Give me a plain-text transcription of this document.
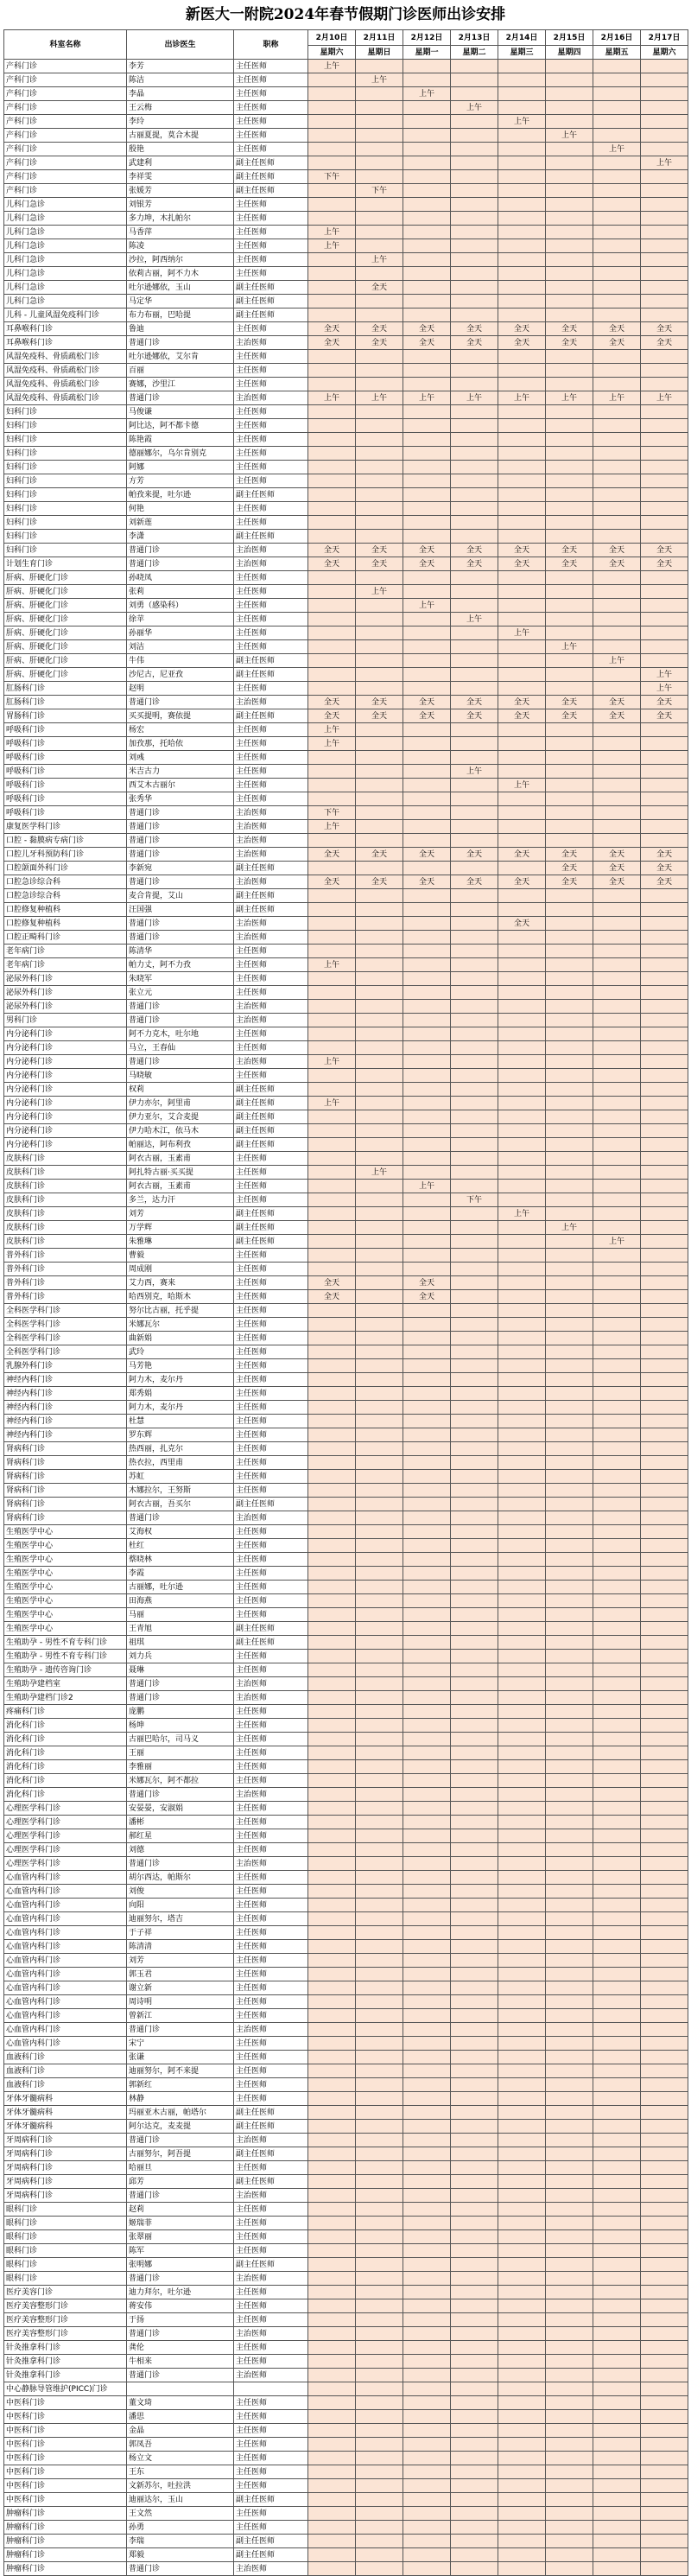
新医大一附院2024年春节假期门诊医师出诊安排
科室名称	出诊医生	职称	2月10日	2月11日	2月12日	2月13日	2月14日	2月15日	2月16日	2月17日
			星期六	星期日	星期一	星期二	星期三	星期四	星期五	星期六
产科门诊	李芳	主任医师	上午							
产科门诊	陈洁	主任医师		上午						
产科门诊	李晶	主任医师			上午					
产科门诊	王云梅	主任医师				上午				
产科门诊	李玲	主任医师					上午			
产科门诊	古丽夏提，莫合木提	主任医师						上午		
产科门诊	殷艳	主任医师							上午	
产科门诊	武建利	副主任医师								上午
产科门诊	李祥雯	副主任医师	下午							
产科门诊	张媛芳	副主任医师		下午						
儿科门急诊	刘银芳	主任医师								
儿科门急诊	多力坤，木扎帕尔	主任医师								
儿科门急诊	马香萍	主任医师	上午							
儿科门急诊	陈凌	主任医师	上午							
儿科门急诊	沙拉，阿西纳尔	主任医师		上午						
儿科门急诊	依莉古丽，阿不力木	主任医师								
儿科门急诊	吐尔逊娜依，玉山	副主任医师		全天						
儿科门急诊	马定华	副主任医师								
儿科 - 儿童风湿免疫科门诊	布力布丽，巴哈提	副主任医师								
耳鼻喉科门诊	鲁迪	主任医师	全天	全天	全天	全天	全天	全天	全天	全天
耳鼻喉科门诊	普通门诊	主治医师	全天	全天	全天	全天	全天	全天	全天	全天
风湿免疫科、骨质疏松门诊	吐尔逊娜依，艾尔肯	主任医师								
风湿免疫科、骨质疏松门诊	百丽	主任医师								
风湿免疫科、骨质疏松门诊	赛娜，沙里江	主任医师								
风湿免疫科、骨质疏松门诊	普通门诊	主治医师	上午	上午	上午	上午	上午	上午	上午	上午
妇科门诊	马俊谦	主任医师								
妇科门诊	阿比达，阿不都卡德	主任医师								
妇科门诊	陈艳霞	主任医师								
妇科门诊	德丽娜尔，乌尔肯别克	主任医师								
妇科门诊	阿娜	主任医师								
妇科门诊	方芳	主任医师								
妇科门诊	帕孜来提，吐尔逊	副主任医师								
妇科门诊	何艳	主任医师								
妇科门诊	刘新莲	主任医师								
妇科门诊	李潇	副主任医师								
妇科门诊	普通门诊	主治医师	全天	全天	全天	全天	全天	全天	全天	全天
计划生育门诊	普通门诊	主治医师	全天	全天	全天	全天	全天	全天	全天	全天
肝病、肝硬化门诊	孙晓凤	主任医师								
肝病、肝硬化门诊	张莉	主任医师		上午						
肝病、肝硬化门诊	刘勇（感染科）	主任医师			上午					
肝病、肝硬化门诊	徐苹	主任医师				上午				
肝病、肝硬化门诊	孙丽华	主任医师					上午			
肝病、肝硬化门诊	刘洁	主任医师						上午		
肝病、肝硬化门诊	牛伟	副主任医师							上午	
肝病、肝硬化门诊	沙尼古，尼亚孜	副主任医师								上午
肛肠科门诊	赵明	主任医师								上午
肛肠科门诊	普通门诊	主治医师	全天	全天	全天	全天	全天	全天	全天	全天
胃肠科门诊	买买提明，赛依提	副主任医师	全天	全天	全天	全天	全天	全天	全天	全天
呼吸科门诊	杨宏	主任医师	上午							
呼吸科门诊	加孜那，托哈依	主任医师	上午							
呼吸科门诊	刘彧	主任医师								
呼吸科门诊	米吉古力	主任医师				上午				
呼吸科门诊	西艾木古丽尔	主任医师					上午			
呼吸科门诊	张秀华	主任医师								
呼吸科门诊	普通门诊	主治医师	下午							
康复医学科门诊	普通门诊	主治医师	上午							
口腔 - 黏膜病专病门诊	普通门诊	主治医师								
口腔儿牙科预防科门诊	普通门诊	主治医师	全天	全天	全天	全天	全天	全天	全天	全天
口腔颌面外科门诊	李新宛	副主任医师						全天	全天	全天
口腔急诊综合科	普通门诊	主治医师	全天	全天	全天	全天	全天	全天	全天	全天
口腔急诊综合科	麦合肯提，艾山	副主任医师								
口腔修复种植科	汪国强	副主任医师								
口腔修复种植科	普通门诊	主治医师					全天			
口腔正畸科门诊	普通门诊	主治医师								
老年病门诊	陈清华	主任医师								
老年病门诊	帕力丈，阿不力孜	主任医师	上午							
泌尿外科门诊	朱晓军	主任医师								
泌尿外科门诊	张立元	主任医师								
泌尿外科门诊	普通门诊	主治医师								
男科门诊	普通门诊	主治医师								
内分泌科门诊	阿不力克木，吐尔地	主任医师								
内分泌科门诊	马立，王春仙	主任医师								
内分泌科门诊	普通门诊	主治医师	上午							
内分泌科门诊	马晓敏	主任医师								
内分泌科门诊	权莉	副主任医师								
内分泌科门诊	伊力亦尔，阿里甫	副主任医师	上午							
内分泌科门诊	伊力亚尔，艾合麦提	副主任医师								
内分泌科门诊	伊力哈木江，依马木	副主任医师								
内分泌科门诊	帕丽达，阿布利孜	副主任医师								
皮肤科门诊	阿衣古丽，玉素甫	主任医师								
皮肤科门诊	阿扎特古丽·买买提	主任医师		上午						
皮肤科门诊	阿衣古丽，玉素甫	主任医师			上午					
皮肤科门诊	多兰，达力汗	主任医师				下午				
皮肤科门诊	刘芳	副主任医师					上午			
皮肤科门诊	万学辉	副主任医师						上午		
皮肤科门诊	朱雅琳	副主任医师							上午	
普外科门诊	曹毅	主任医师								
普外科门诊	周成刚	主任医师								
普外科门诊	艾力西，赛来	主任医师	全天		全天					
普外科门诊	哈西别克，哈斯木	主任医师	全天		全天					
全科医学科门诊	努尔比古丽，托乎提	主任医师								
全科医学科门诊	米娜瓦尔	主任医师								
全科医学科门诊	曲新娟	主任医师								
全科医学科门诊	武玲	主任医师								
乳腺外科门诊	马芳艳	主任医师								
神经内科门诊	阿力木，麦尔丹	主任医师								
神经内科门诊	郑秀娟	主任医师								
神经内科门诊	阿力木，麦尔丹	主任医师								
神经内科门诊	杜慧	主任医师								
神经内科门诊	罗东辉	主任医师								
肾病科门诊	热西丽，扎克尔	主任医师								
肾病科门诊	热衣拉，西里甫	主任医师								
肾病科门诊	苏虹	主任医师								
肾病科门诊	木娜拉尔，王努斯	主任医师								
肾病科门诊	阿衣古丽，吾买尔	副主任医师								
肾病科门诊	普通门诊	主治医师								
生殖医学中心	艾海权	主任医师								
生殖医学中心	杜红	主任医师								
生殖医学中心	蔡晓林	主任医师								
生殖医学中心	李霞	主任医师								
生殖医学中心	古丽娜，吐尔逊	主任医师								
生殖医学中心	田海燕	主任医师								
生殖医学中心	马丽	主任医师								
生殖医学中心	王青旭	副主任医师								
生殖助孕 - 男性不育专科门诊	祖琪	副主任医师								
生殖助孕 - 男性不育专科门诊	刘力兵	主任医师								
生殖助孕 - 遗传咨询门诊	聂琳	主任医师								
生殖助孕建档室	普通门诊	主治医师								
生殖助孕建档门诊2	普通门诊	主治医师								
疼痛科门诊	庞鹏	主任医师								
消化科门诊	杨坤	主任医师								
消化科门诊	古丽巴哈尔，司马义	主任医师								
消化科门诊	王丽	主任医师								
消化科门诊	李雅丽	主任医师								
消化科门诊	米娜瓦尔，阿不都拉	主任医师								
消化科门诊	普通门诊	主治医师								
心理医学科门诊	安晏晏，安淑娟	主任医师								
心理医学科门诊	潘彬	主任医师								
心理医学科门诊	郝红星	主任医师								
心理医学科门诊	刘德	主任医师								
心理医学科门诊	普通门诊	主治医师								
心血管内科门诊	胡尔西达，帕斯尔	主任医师								
心血管内科门诊	刘俊	主任医师								
心血管内科门诊	向阳	主任医师								
心血管内科门诊	迪丽努尔，塔吉	主任医师								
心血管内科门诊	于子祥	主任医师								
心血管内科门诊	陈清清	主任医师								
心血管内科门诊	刘芳	主任医师								
心血管内科门诊	郭玉君	主任医师								
心血管内科门诊	谢立新	主任医师								
心血管内科门诊	周诗明	主任医师								
心血管内科门诊	曾新江	主任医师								
心血管内科门诊	普通门诊	主治医师								
心血管内科门诊	宋宁	主任医师								
血液科门诊	张谦	主任医师								
血液科门诊	迪丽努尔，阿不来提	主任医师								
血液科门诊	郭新红	主任医师								
牙体牙髓病科	林静	主任医师								
牙体牙髓病科	玛丽亚木古丽，帕塔尔	副主任医师								
牙体牙髓病科	阿尔达克，麦麦提	副主任医师								
牙周病科门诊	普通门诊	主治医师								
牙周病科门诊	古丽努尔，阿吾提	副主任医师								
牙周病科门诊	哈丽旦	主任医师								
牙周病科门诊	邱芳	副主任医师								
牙周病科门诊	普通门诊	主治医师								
眼科门诊	赵莉	主任医师								
眼科门诊	姬瑞菲	主任医师								
眼科门诊	张翠丽	主任医师								
眼科门诊	陈军	主任医师								
眼科门诊	张明娜	副主任医师								
眼科门诊	普通门诊	主治医师								
医疗美容门诊	迪力拜尔，吐尔逊	主任医师								
医疗美容整形门诊	蒋安伟	主任医师								
医疗美容整形门诊	于扬	主任医师								
医疗美容整形门诊	普通门诊	主治医师								
针灸推拿科门诊	龚伦	主任医师								
针灸推拿科门诊	牛相来	主任医师								
针灸推拿科门诊	普通门诊	主治医师								
中心静脉导管维护(PICC)门诊										
中医科门诊	董文琦	主任医师								
中医科门诊	潘思	主任医师								
中医科门诊	金晶	主任医师								
中医科门诊	郭凤吾	主任医师								
中医科门诊	杨立文	主任医师								
中医科门诊	王东	主任医师								
中医科门诊	文新苏尔，吐拉洪	主任医师								
中医科门诊	迪丽达尔，玉山	副主任医师								
肿瘤科门诊	王文然	主任医师								
肿瘤科门诊	孙勇	主任医师								
肿瘤科门诊	李瑞	副主任医师								
肿瘤科门诊	郑毅	副主任医师								
肿瘤科门诊	普通门诊	主治医师								
